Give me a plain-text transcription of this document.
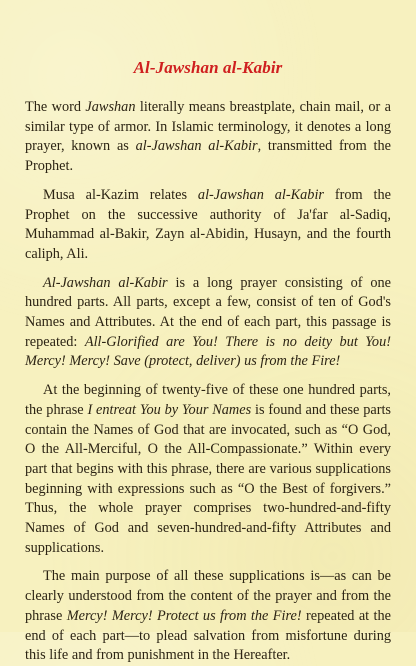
Al-Jawshan al-Kabir

The word Jawshan literally means breastplate, chain mail, or a similar type of armor. In Islamic terminology, it denotes a long prayer, known as al-Jawshan al-Kabir, transmitted from the Prophet.

Musa al-Kazim relates al-Jawshan al-Kabir from the Prophet on the successive authority of Ja'far al-Sadiq, Muhammad al-Bakir, Zayn al-Abidin, Husayn, and the fourth caliph, Ali.

Al-Jawshan al-Kabir is a long prayer consisting of one hundred parts. All parts, except a few, consist of ten of God's Names and Attributes. At the end of each part, this passage is repeated: All-Glorified are You! There is no deity but You! Mercy! Mercy! Save (protect, deliver) us from the Fire!

At the beginning of twenty-five of these one hundred parts, the phrase I entreat You by Your Names is found and these parts contain the Names of God that are invocated, such as “O God, O the All-Merciful, O the All-Compassionate.” Within every part that begins with this phrase, there are various supplications beginning with expressions such as “O the Best of forgivers.” Thus, the whole prayer comprises two-hundred-and-fifty Names of God and seven-hundred-and-fifty Attributes and supplications.

The main purpose of all these supplications is—as can be clearly understood from the content of the prayer and from the phrase Mercy! Mercy! Protect us from the Fire! repeated at the end of each part—to plead salvation from misfortune during this life and from punishment in the Hereafter.
